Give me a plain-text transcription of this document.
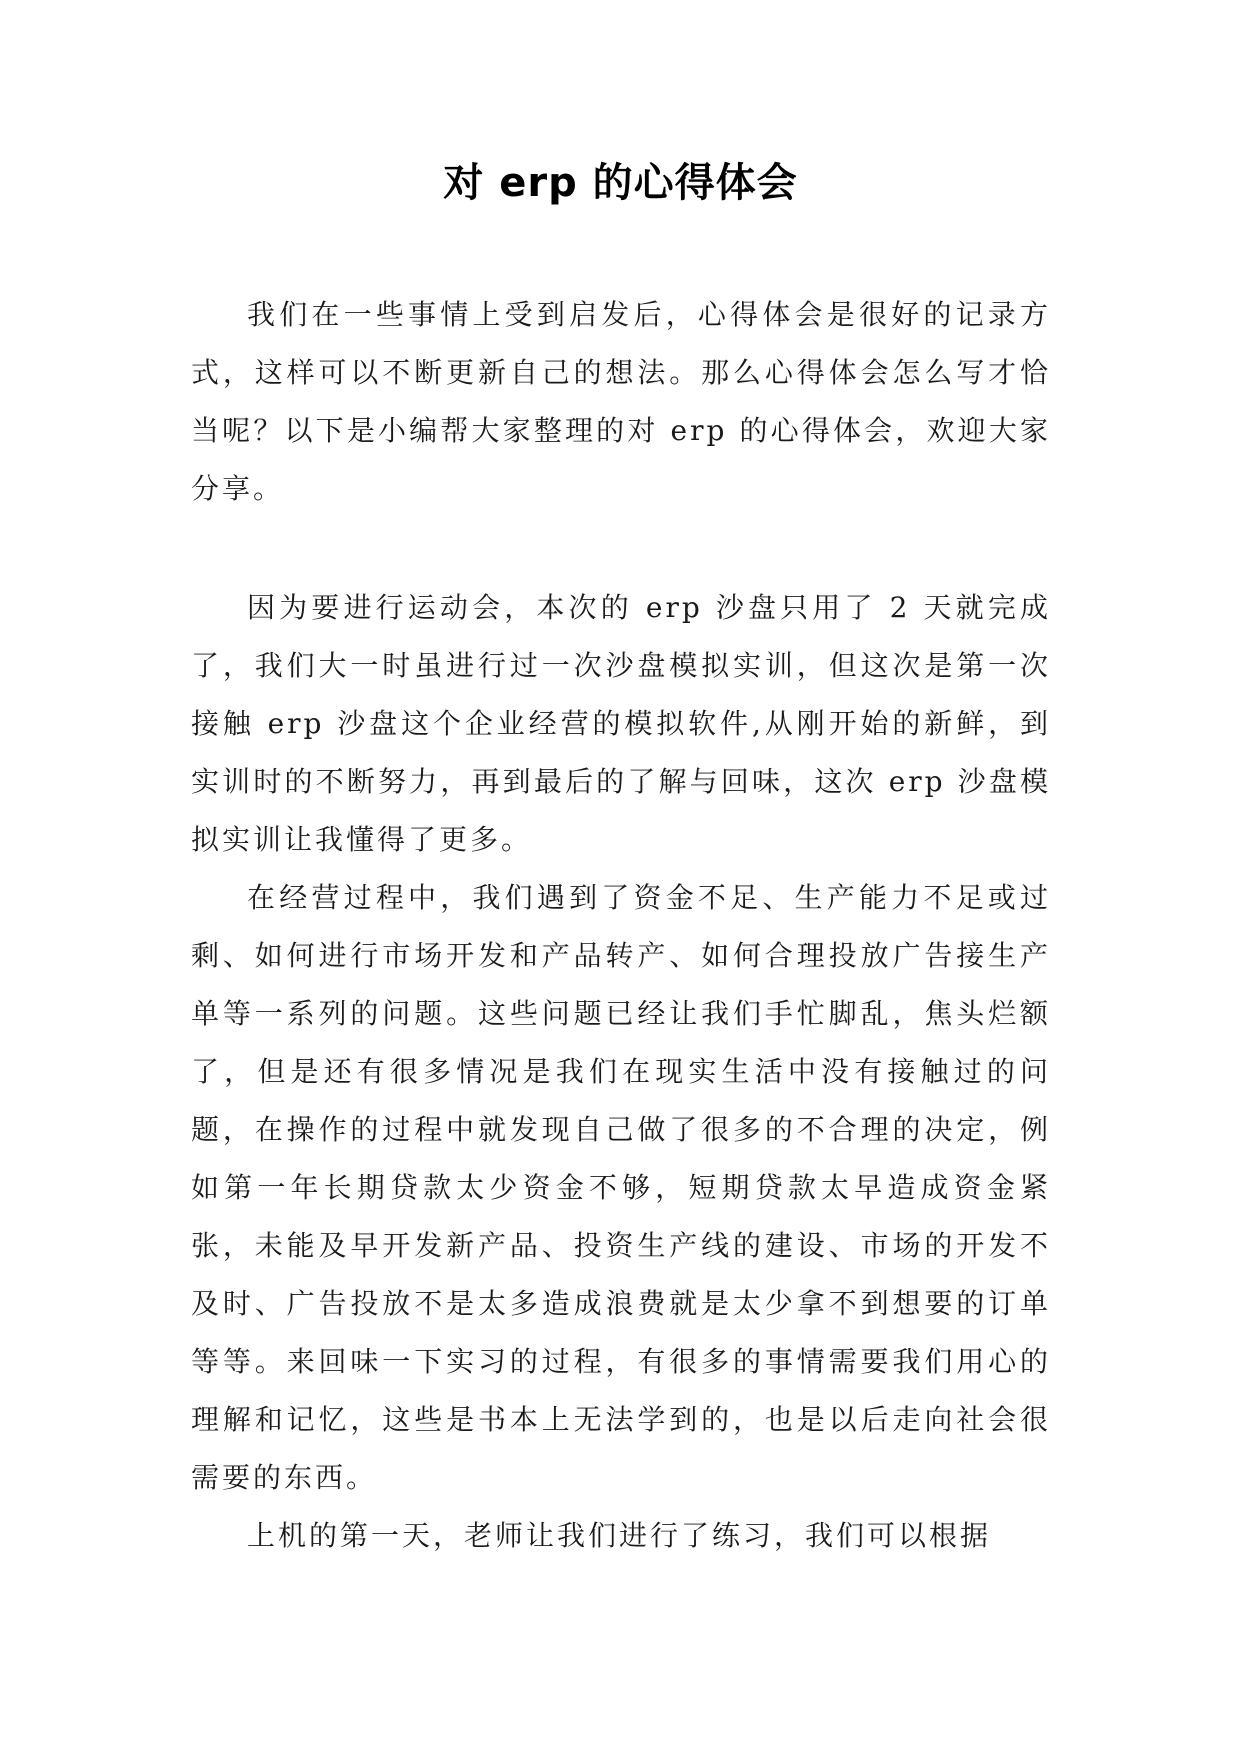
对 erp 的心得体会

我们在一些事情上受到启发后，心得体会是很好的记录方式，这样可以不断更新自己的想法。那么心得体会怎么写才恰当呢？以下是小编帮大家整理的对 erp 的心得体会，欢迎大家分享。

因为要进行运动会，本次的 erp 沙盘只用了 2 天就完成了，我们大一时虽进行过一次沙盘模拟实训，但这次是第一次接触 erp 沙盘这个企业经营的模拟软件,从刚开始的新鲜，到实训时的不断努力，再到最后的了解与回味，这次 erp 沙盘模拟实训让我懂得了更多。

在经营过程中，我们遇到了资金不足、生产能力不足或过剩、如何进行市场开发和产品转产、如何合理投放广告接生产单等一系列的问题。这些问题已经让我们手忙脚乱，焦头烂额了，但是还有很多情况是我们在现实生活中没有接触过的问题，在操作的过程中就发现自己做了很多的不合理的决定，例如第一年长期贷款太少资金不够，短期贷款太早造成资金紧张，未能及早开发新产品、投资生产线的建设、市场的开发不及时、广告投放不是太多造成浪费就是太少拿不到想要的订单等等。来回味一下实习的过程，有很多的事情需要我们用心的理解和记忆，这些是书本上无法学到的，也是以后走向社会很需要的东西。

上机的第一天，老师让我们进行了练习，我们可以根据
